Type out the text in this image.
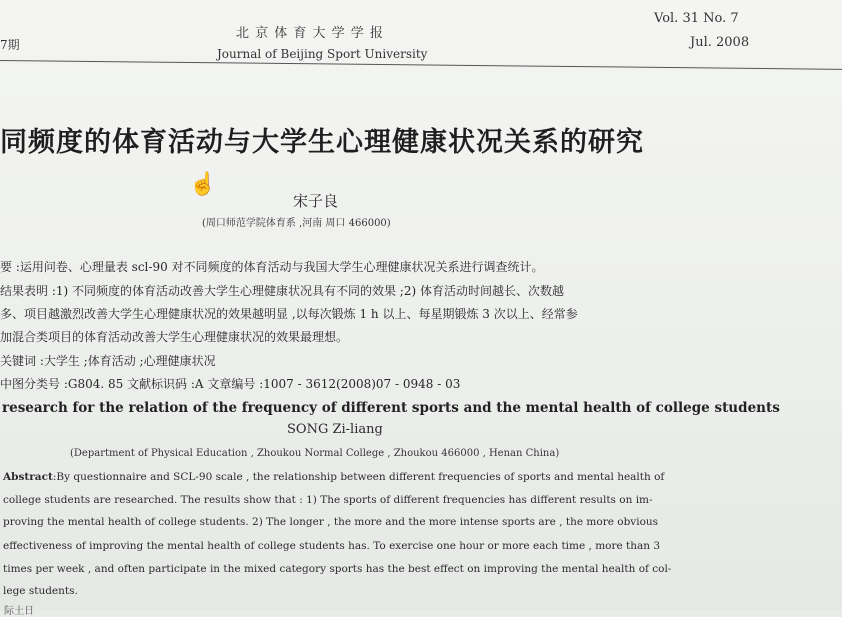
7期
北 京 体 育 大 学 学 报
Journal of Beijing Sport University
Vol. 31 No. 7
Jul. 2008
同频度的体育活动与大学生心理健康状况关系的研究
☝
宋子良
(周口师范学院体育系 ,河南 周口 466000)
要 :运用问卷、心理量表 scl-90 对不同频度的体育活动与我国大学生心理健康状况关系进行调查统计。
结果表明 :1) 不同频度的体育活动改善大学生心理健康状况具有不同的效果 ;2) 体育活动时间越长、次数越
多、项目越激烈改善大学生心理健康状况的效果越明显 ,以每次锻炼 1 h 以上、每星期锻炼 3 次以上、经常参
加混合类项目的体育活动改善大学生心理健康状况的效果最理想。
关键词 :大学生 ;体育活动 ;心理健康状况
中图分类号 :G804. 85 文献标识码 :A 文章编号 :1007 - 3612(2008)07 - 0948 - 03
research for the relation of the frequency of different sports and the mental health of college students
SONG Zi-liang
(Department of Physical Education , Zhoukou Normal College , Zhoukou 466000 , Henan China)
Abstract:By questionnaire and SCL-90 scale , the relationship between different frequencies of sports and mental health of
college students are researched. The results show that : 1) The sports of different frequencies has different results on im-
proving the mental health of college students. 2) The longer , the more and the more intense sports are , the more obvious
effectiveness of improving the mental health of college students has. To exercise one hour or more each time , more than 3
times per week , and often participate in the mixed category sports has the best effect on improving the mental health of col-
lege students.
际土日
